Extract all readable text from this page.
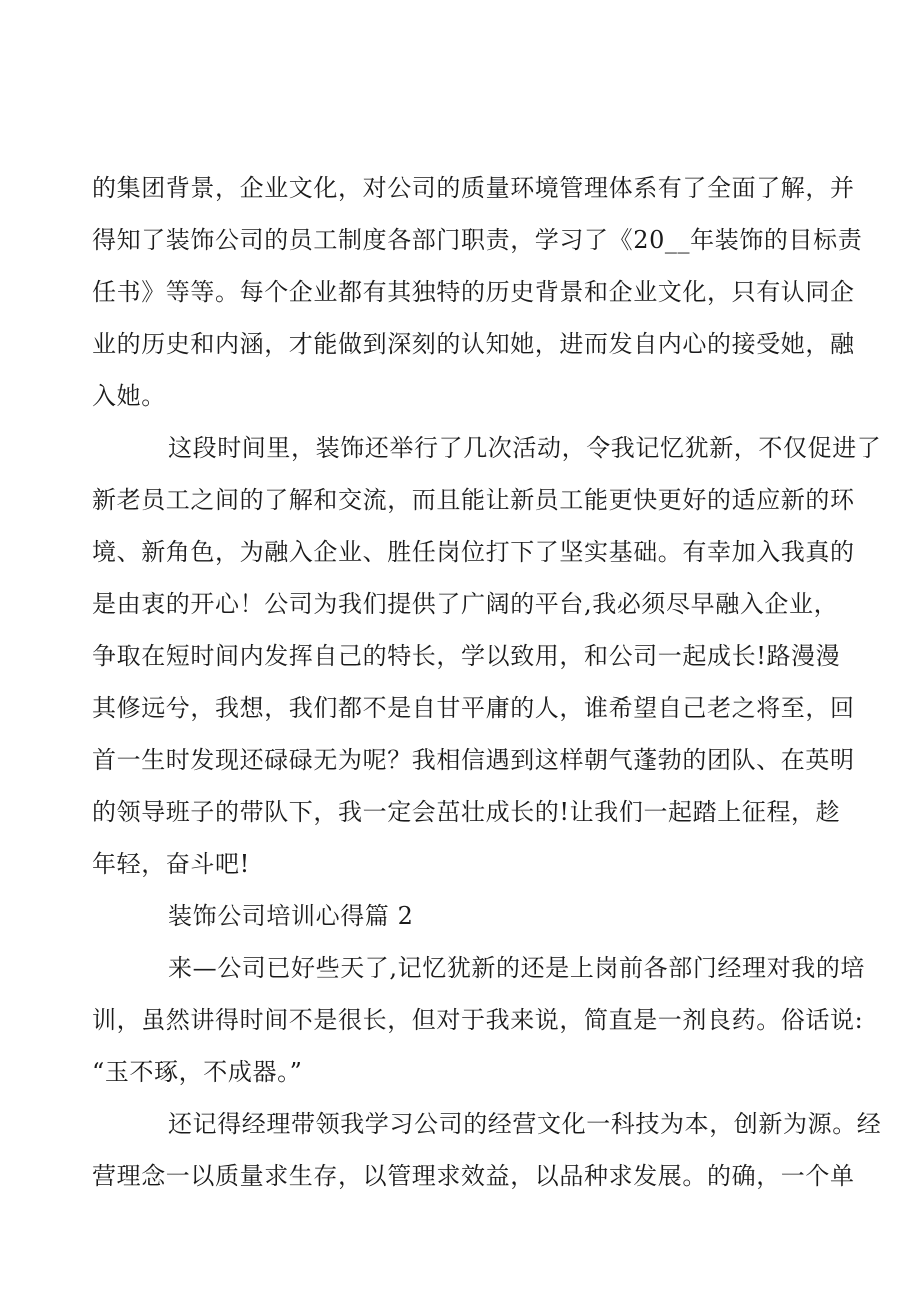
的集团背景，企业文化，对公司的质量环境管理体系有了全面了解，并
得知了装饰公司的员工制度各部门职责，学习了《20__年装饰的目标责
任书》等等。每个企业都有其独特的历史背景和企业文化，只有认同企
业的历史和内涵，才能做到深刻的认知她，进而发自内心的接受她，融
入她。
这段时间里，装饰还举行了几次活动，令我记忆犹新，不仅促进了
新老员工之间的了解和交流，而且能让新员工能更快更好的适应新的环
境、新角色，为融入企业、胜任岗位打下了坚实基础。有幸加入我真的
是由衷的开心！公司为我们提供了广阔的平台,我必须尽早融入企业，
争取在短时间内发挥自己的特长，学以致用，和公司一起成长!路漫漫
其修远兮，我想，我们都不是自甘平庸的人，谁希望自己老之将至，回
首一生时发现还碌碌无为呢？我相信遇到这样朝气蓬勃的团队、在英明
的领导班子的带队下，我一定会茁壮成长的!让我们一起踏上征程，趁
年轻，奋斗吧!
装饰公司培训心得篇 2
来—公司已好些天了,记忆犹新的还是上岗前各部门经理对我的培
训，虽然讲得时间不是很长，但对于我来说，简直是一剂良药。俗话说:
“玉不琢，不成器。”
还记得经理带领我学习公司的经营文化一科技为本，创新为源。经
营理念一以质量求生存，以管理求效益，以品种求发展。的确，一个单
